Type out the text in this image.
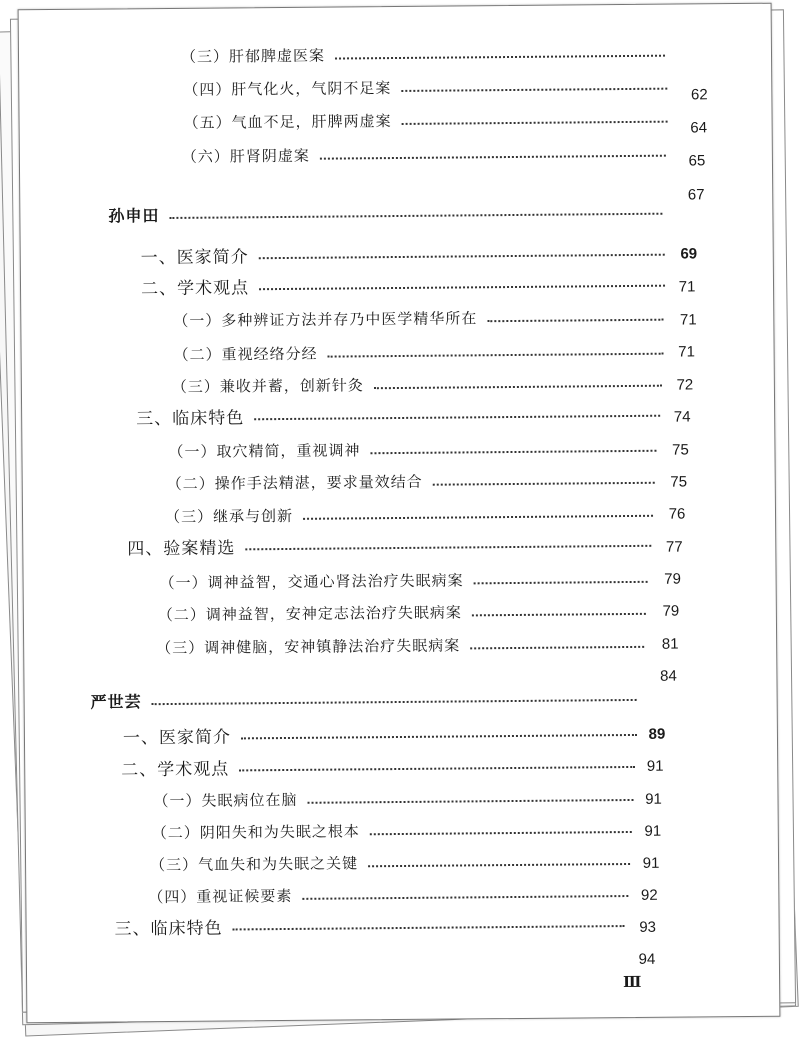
（三）肝郁脾虚医案
（四）肝气化火，气阴不足案
（五）气血不足，肝脾两虚案
（六）肝肾阴虚案
62
64
65
67
孙申田
一、医家简介
二、学术观点
（一）多种辨证方法并存乃中医学精华所在
（二）重视经络分经
（三）兼收并蓄，创新针灸
三、临床特色
（一）取穴精简，重视调神
（二）操作手法精湛，要求量效结合
（三）继承与创新
四、验案精选
（一）调神益智，交通心肾法治疗失眠病案
（二）调神益智，安神定志法治疗失眠病案
（三）调神健脑，安神镇静法治疗失眠病案
69
71
71
71
72
74
75
75
76
77
79
79
81
84
严世芸
一、医家简介
二、学术观点
（一）失眠病位在脑
（二）阴阳失和为失眠之根本
（三）气血失和为失眠之关键
（四）重视证候要素
三、临床特色
89
91
91
91
91
92
93
94
Ⅲ
